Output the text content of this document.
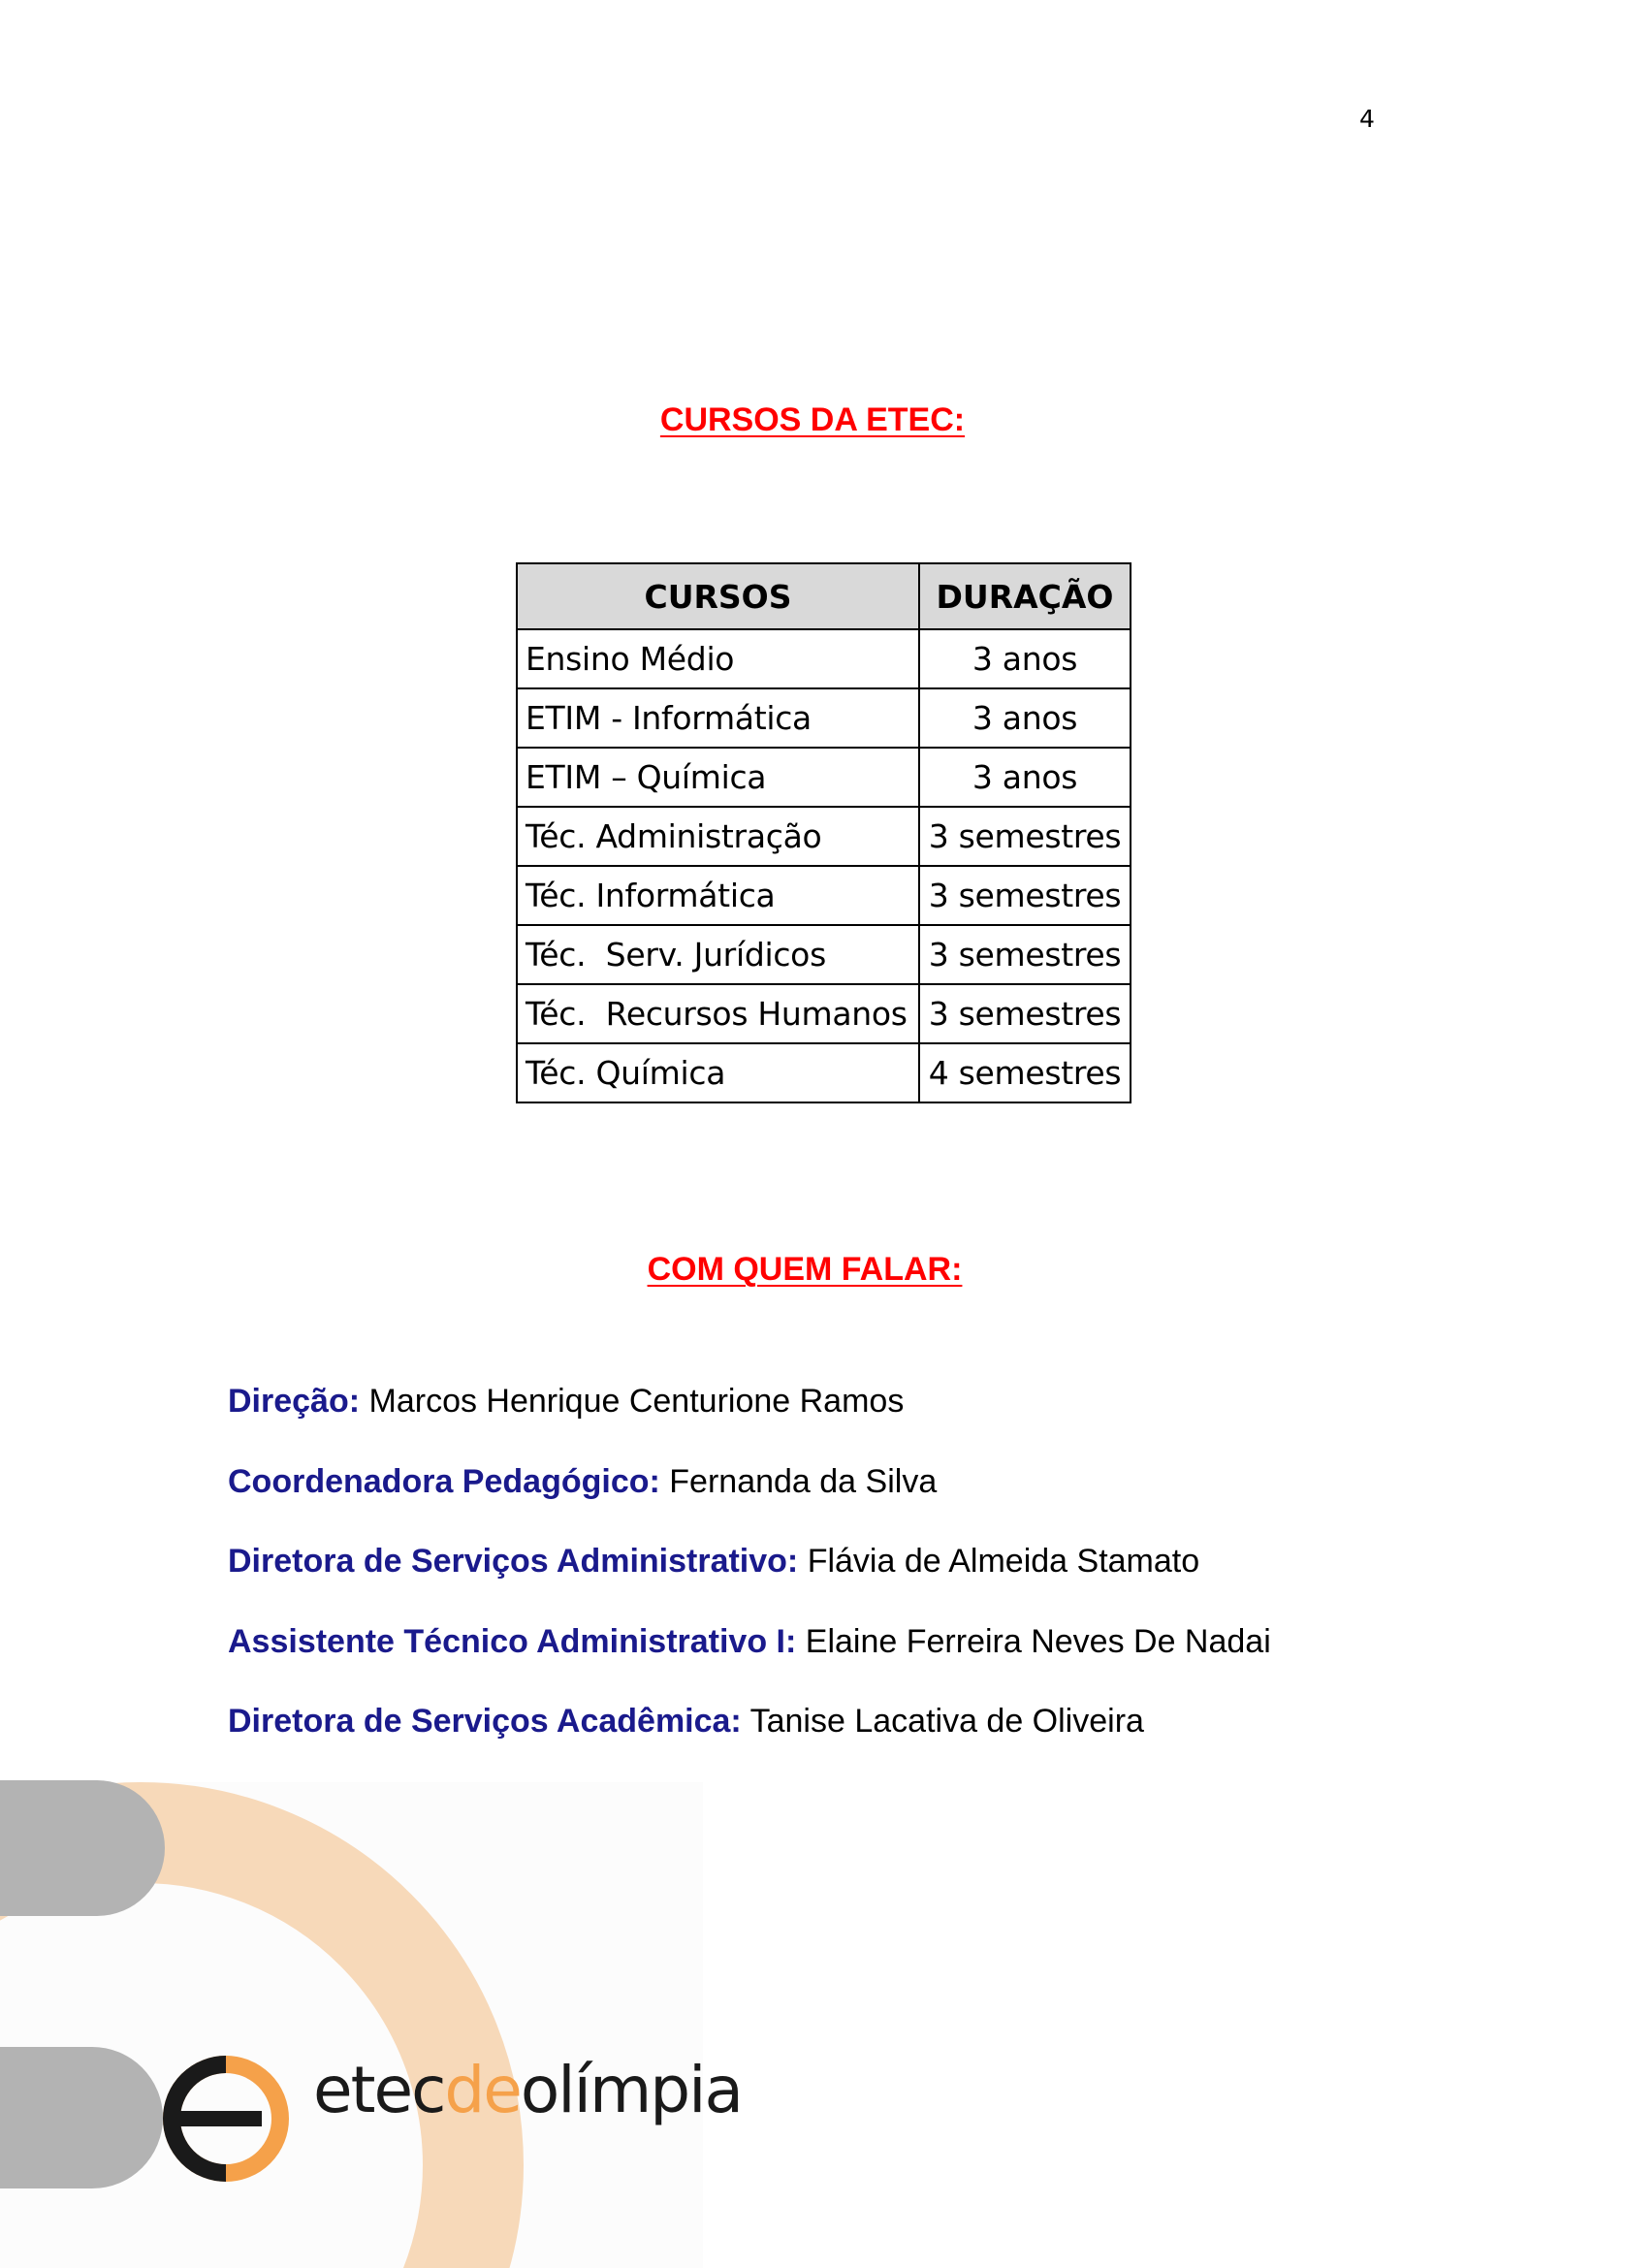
4
CURSOS DA ETEC:
CURSOS	DURAÇÃO
Ensino Médio	3 anos
ETIM - Informática	3 anos
ETIM – Química	3 anos
Téc. Administração	3 semestres
Téc. Informática	3 semestres
Téc.  Serv. Jurídicos	3 semestres
Téc.  Recursos Humanos	3 semestres
Téc. Química	4 semestres
COM QUEM FALAR:
Direção: Marcos Henrique Centurione Ramos
Coordenadora Pedagógico: Fernanda da Silva
Diretora de Serviços Administrativo: Flávia de Almeida Stamato
Assistente Técnico Administrativo I: Elaine Ferreira Neves De Nadai
Diretora de Serviços Acadêmica: Tanise Lacativa de Oliveira
etecdeolímpia
